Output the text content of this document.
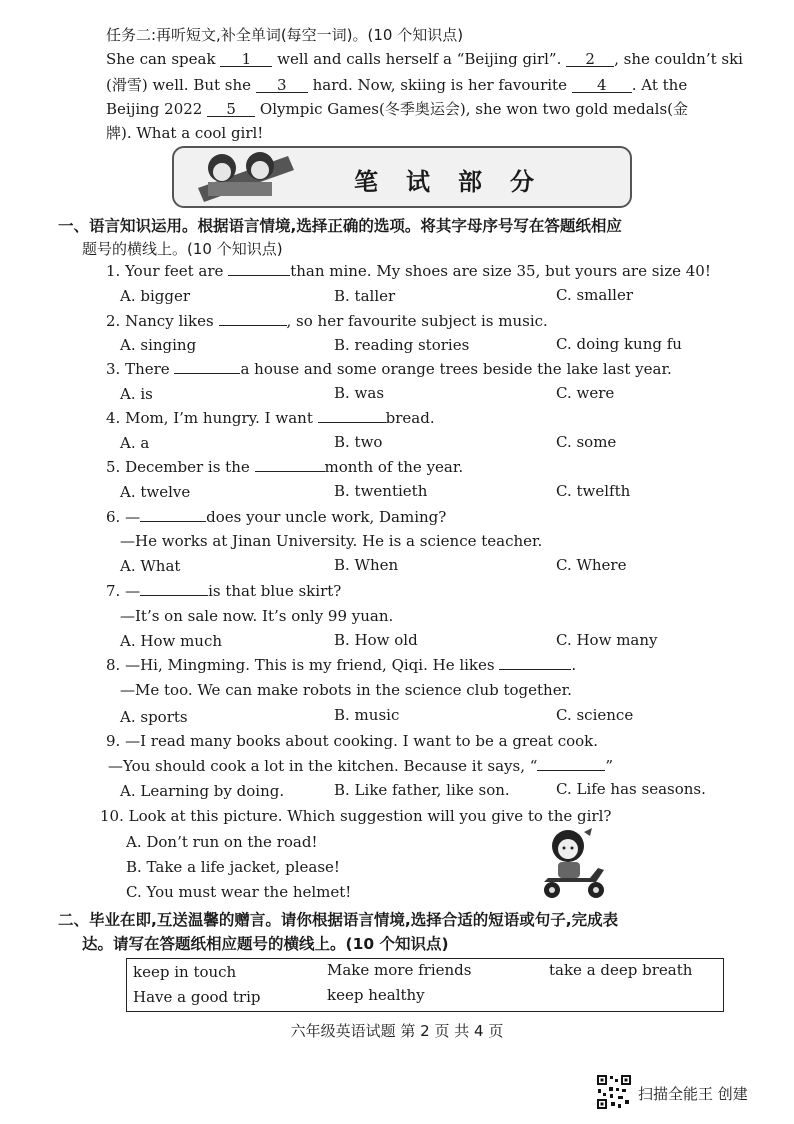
任务二:再听短文,补全单词(每空一词)。(10 个知识点)
She can speak 1 well and calls herself a “Beijing girl”. 2 , she couldn’t ski
(滑雪) well. But she 3 hard. Now, skiing is her favourite 4 . At the
Beijing 2022 5 Olympic Games(冬季奥运会), she won two gold medals(金
牌). What a cool girl!
笔试部分
一、语言知识运用。根据语言情境,选择正确的选项。将其字母序号写在答题纸相应
题号的横线上。(10 个知识点)
1. Your feet are	than mine. My shoes are size 35, but yours are size 40!
A. bigger	B. taller	C. smaller
2. Nancy likes	, so her favourite subject is music.
A. singing	B. reading stories	C. doing kung fu
3. There	a house and some orange trees beside the lake last year.
A. is	B. was	C. were
4. Mom, I’m hungry. I want	bread.
A. a	B. two	C. some
5. December is the	month of the year.
A. twelve	B. twentieth	C. twelfth
6. —	does your uncle work, Daming?
—He works at Jinan University. He is a science teacher.
A. What	B. When	C. Where
7. —	is that blue skirt?
—It’s on sale now. It’s only 99 yuan.
A. How much	B. How old	C. How many
8. —Hi, Mingming. This is my friend, Qiqi. He likes	.
—Me too. We can make robots in the science club together.
A. sports	B. music	C. science
9. —I read many books about cooking. I want to be a great cook.
—You should cook a lot in the kitchen. Because it says, “	”
A. Learning by doing.	B. Like father, like son.	C. Life has seasons.
10. Look at this picture. Which suggestion will you give to the girl?
A. Don’t run on the road!
B. Take a life jacket, please!
C. You must wear the helmet!
二、毕业在即,互送温馨的赠言。请你根据语言情境,选择合适的短语或句子,完成表
达。请写在答题纸相应题号的横线上。(10 个知识点)
keep in touch	Make more friends	take a deep breath
Have a good trip	keep healthy
六年级英语试题 第 2 页 共 4 页
扫描全能王 创建
